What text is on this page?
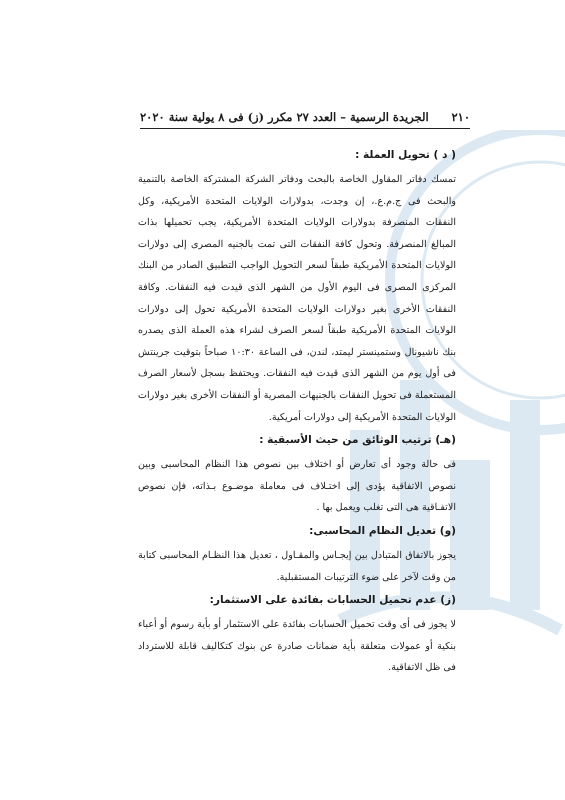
٢١٠
الجريدة الرسمية – العدد ٢٧ مكرر (ز) فى ٨ يولية سنة ٢٠٢٠
( د ) تحويل العملة :

تمسك دفاتر المقاول الخاصة بالبحث ودفاتر الشركة المشتركة الخاصة بالتنمية والبحث فى ج.م.ع.، إن وجدت، بدولارات الولايات المتحدة الأمريكية، وكل النفقات المنصرفة بدولارات الولايات المتحدة الأمريكية، يجب تحميلها بذات المبالغ المنصرفة. وتحول كافة النفقات التى تمت بالجنيه المصرى إلى دولارات الولايات المتحدة الأمريكية طبقاً لسعر التحويل الواجب التطبيق الصادر من البنك المركزى المصرى فى اليوم الأول من الشهر الذى قيدت فيه النفقات. وكافة النفقات الأخرى بغير دولارات الولايات المتحدة الأمريكية تحول إلى دولارات الولايات المتحدة الأمريكية طبقاً لسعر الصرف لشراء هذه العملة الذى يصدره بنك ناشيونال وستمينستر ليمتد، لندن، فى الساعة ١٠:٣٠ صباحاً بتوقيت جرينتش فى أول يوم من الشهر الذى قيدت فيه النفقات. ويحتفظ بسجل لأسعار الصرف المستعملة فى تحويل النفقات بالجنيهات المصرية أو النفقات الأخرى بغير دولارات الولايات المتحدة الأمريكية إلى دولارات أمريكية.

(هـ) ترتيب الوثائق من حيث الأسبقية :

فى حالة وجود أى تعارض أو اختلاف بين نصوص هذا النظام المحاسبى وبين نصوص الاتفاقية يؤدى إلى اختـلاف فى معاملة موضـوع بـذاته، فإن نصوص الاتفـاقية هى التى تغلب ويعمل بها .

(و) تعديل النظام المحاسبى:

يجوز بالاتفاق المتبادل بين إيجـاس والمقـاول ، تعديل هذا النظـام المحاسبى كتابة من وقت لآخر على ضوء الترتيبات المستقبلية.

(ز) عدم تحميل الحسابات بفائدة على الاستثمار:

لا يجوز فى أى وقت تحميل الحسابات بفائدة على الاستثمار أو بأية رسوم أو أعباء بنكية أو عمولات متعلقة بأية ضمانات صادرة عن بنوك كتكاليف قابلة للاسترداد فى ظل الاتفاقية.
